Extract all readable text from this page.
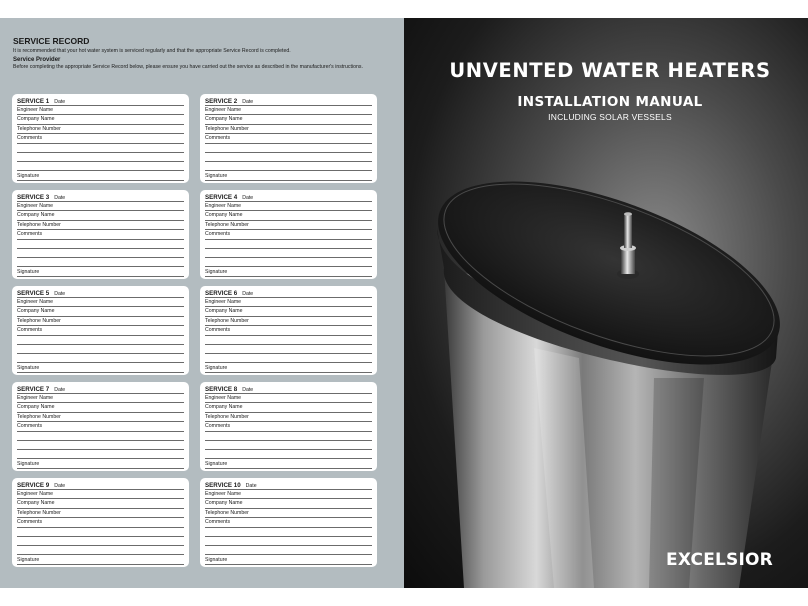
SERVICE RECORD
It is recommended that your hot water system is serviced regularly and that the appropriate Service Record is completed.
Service Provider
Before completing the appropriate Service Record below, please ensure you have carried out the service as described in the manufacturer's instructions.
SERVICE 1 Date
Engineer Name
Company Name
Telephone Number
Comments
Signature
SERVICE 2 Date
Engineer Name
Company Name
Telephone Number
Comments
Signature
SERVICE 3 Date
Engineer Name
Company Name
Telephone Number
Comments
Signature
SERVICE 4 Date
Engineer Name
Company Name
Telephone Number
Comments
Signature
SERVICE 5 Date
Engineer Name
Company Name
Telephone Number
Comments
Signature
SERVICE 6 Date
Engineer Name
Company Name
Telephone Number
Comments
Signature
SERVICE 7 Date
Engineer Name
Company Name
Telephone Number
Comments
Signature
SERVICE 8 Date
Engineer Name
Company Name
Telephone Number
Comments
Signature
SERVICE 9 Date
Engineer Name
Company Name
Telephone Number
Comments
Signature
SERVICE 10 Date
Engineer Name
Company Name
Telephone Number
Comments
Signature
UNVENTED WATER HEATERS
INSTALLATION MANUAL
INCLUDING SOLAR VESSELS
EXCELSIOR
